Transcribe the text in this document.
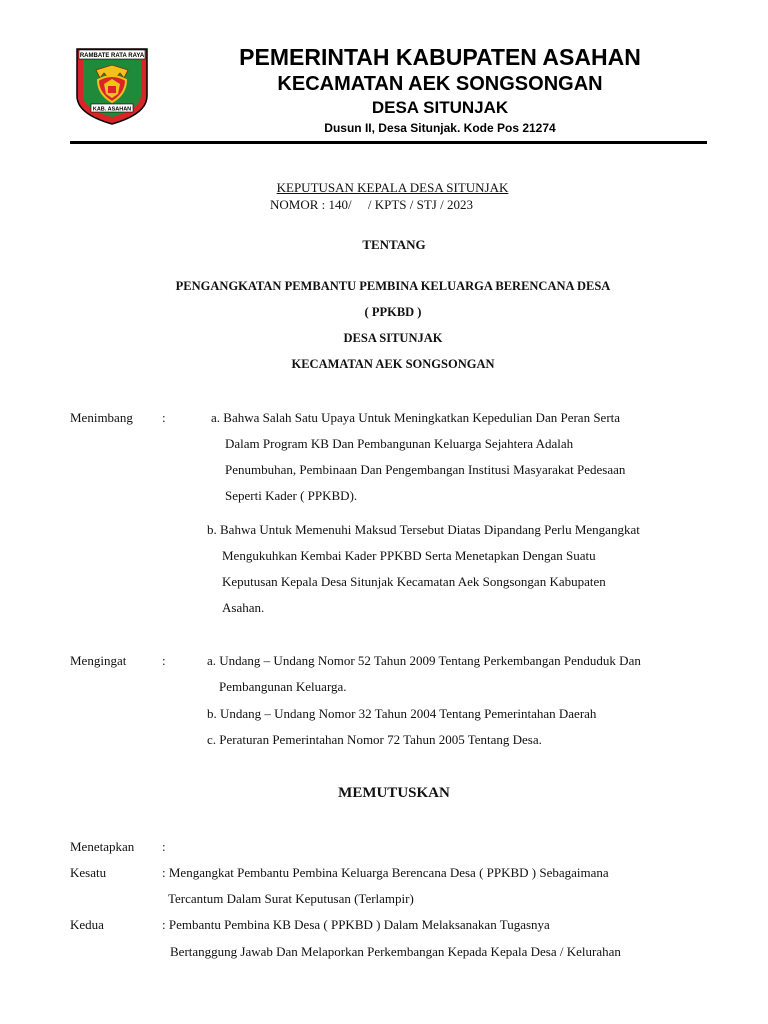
RAMBATE RATA RAYA
KAB. ASAHAN
PEMERINTAH KABUPATEN ASAHAN
KECAMATAN AEK SONGSONGAN
DESA SITUNJAK
Dusun II, Desa Situnjak. Kode Pos 21274
KEPUTUSAN KEPALA DESA SITUNJAK
NOMOR : 140/     / KPTS / STJ / 2023
TENTANG
PENGANGKATAN PEMBANTU PEMBINA KELUARGA BERENCANA DESA
( PPKBD )
DESA SITUNJAK
KECAMATAN AEK SONGSONGAN
Menimbang :	a. Bahwa Salah Satu Upaya Untuk Meningkatkan Kepedulian Dan Peran Serta
Dalam Program KB Dan Pembangunan Keluarga Sejahtera Adalah
Penumbuhan, Pembinaan Dan Pengembangan Institusi Masyarakat Pedesaan
Seperti Kader ( PPKBD).
b. Bahwa Untuk Memenuhi Maksud Tersebut Diatas Dipandang Perlu Mengangkat
Mengukuhkan Kembai Kader PPKBD Serta Menetapkan Dengan Suatu
Keputusan Kepala Desa Situnjak Kecamatan Aek Songsongan Kabupaten
Asahan.
Mengingat	:	a. Undang – Undang Nomor 52 Tahun 2009 Tentang Perkembangan Penduduk Dan
Pembangunan Keluarga.
b. Undang – Undang Nomor 32 Tahun 2004 Tentang Pemerintahan Daerah
c. Peraturan Pemerintahan Nomor 72 Tahun 2005 Tentang Desa.
MEMUTUSKAN
Menetapkan :
Kesatu	: Mengangkat Pembantu Pembina Keluarga Berencana Desa ( PPKBD ) Sebagaimana
Tercantum Dalam Surat Keputusan (Terlampir)
Kedua	: Pembantu Pembina KB Desa ( PPKBD ) Dalam Melaksanakan Tugasnya
Bertanggung Jawab Dan Melaporkan Perkembangan Kepada Kepala Desa / Kelurahan
